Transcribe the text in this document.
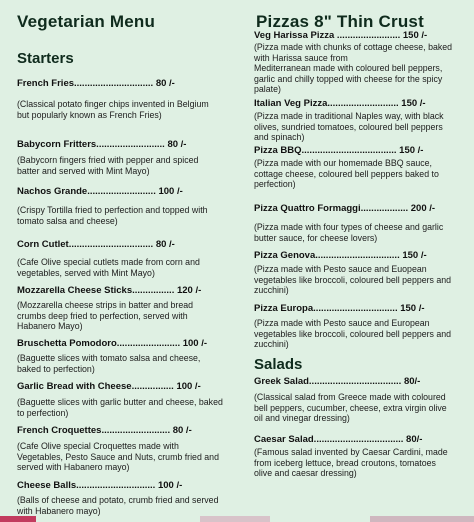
Vegetarian Menu
Starters
French Fries.............................. 80 /-
(Classical potato finger chips invented in Belgium
but popularly known as French Fries)
Babycorn Fritters.......................... 80 /-
(Babycorn fingers fried with pepper and spiced
batter and served with Mint Mayo)
Nachos Grande.......................... 100 /-
(Crispy Tortilla fried to perfection and topped with
tomato salsa and cheese)
Corn Cutlet................................ 80 /-
(Cafe Olive special cutlets made from corn and
vegetables, served with Mint Mayo)
Mozzarella Cheese Sticks................ 120 /-
(Mozzarella cheese strips in batter and bread
crumbs deep fried to perfection, served with
Habanero Mayo)
Bruschetta Pomodoro........................ 100 /-
(Baguette slices with tomato salsa and cheese,
baked to perfection)
Garlic Bread with Cheese................ 100 /-
(Baguette slices with garlic butter and cheese, baked
to perfection)
French Croquettes.......................... 80 /-
(Cafe Olive special Croquettes made with
Vegetables, Pesto Sauce and Nuts, crumb fried and
served with Habanero mayo)
Cheese Balls.............................. 100 /-
(Balls of cheese and potato, crumb fried and served
with Habanero mayo)
Pizzas 8" Thin Crust
Veg Harissa Pizza ........................ 150 /-
(Pizza made with chunks of cottage cheese, baked
with Harissa sauce from
Mediterranean made with coloured bell peppers,
garlic and chilly topped with cheese for the spicy
palate)
Italian Veg Pizza........................... 150 /-
(Pizza made in traditional Naples way, with black
olives, sundried tomatoes, coloured bell peppers
and spinach)
Pizza BBQ.................................... 150 /-
(Pizza made with our homemade BBQ sauce,
cottage cheese, coloured bell peppers baked to
perfection)
Pizza Quattro Formaggi.................. 200 /-
(Pizza made with four types of cheese and garlic
butter sauce, for cheese lovers)
Pizza Genova................................ 150 /-
(Pizza made with Pesto sauce and Euopean
vegetables like broccoli, coloured bell peppers and
zucchini)
Pizza Europa................................ 150 /-
(Pizza made with Pesto sauce and European
vegetables like broccoli, coloured bell peppers and
zucchini)
Salads
Greek Salad................................... 80/-
(Classical salad from Greece made with coloured
bell peppers, cucumber, cheese, extra virgin olive
oil and vinegar dressing)
Caesar Salad.................................. 80/-
(Famous salad invented by Caesar Cardini, made
from iceberg lettuce, bread croutons, tomatoes
olive and caesar dressing)
